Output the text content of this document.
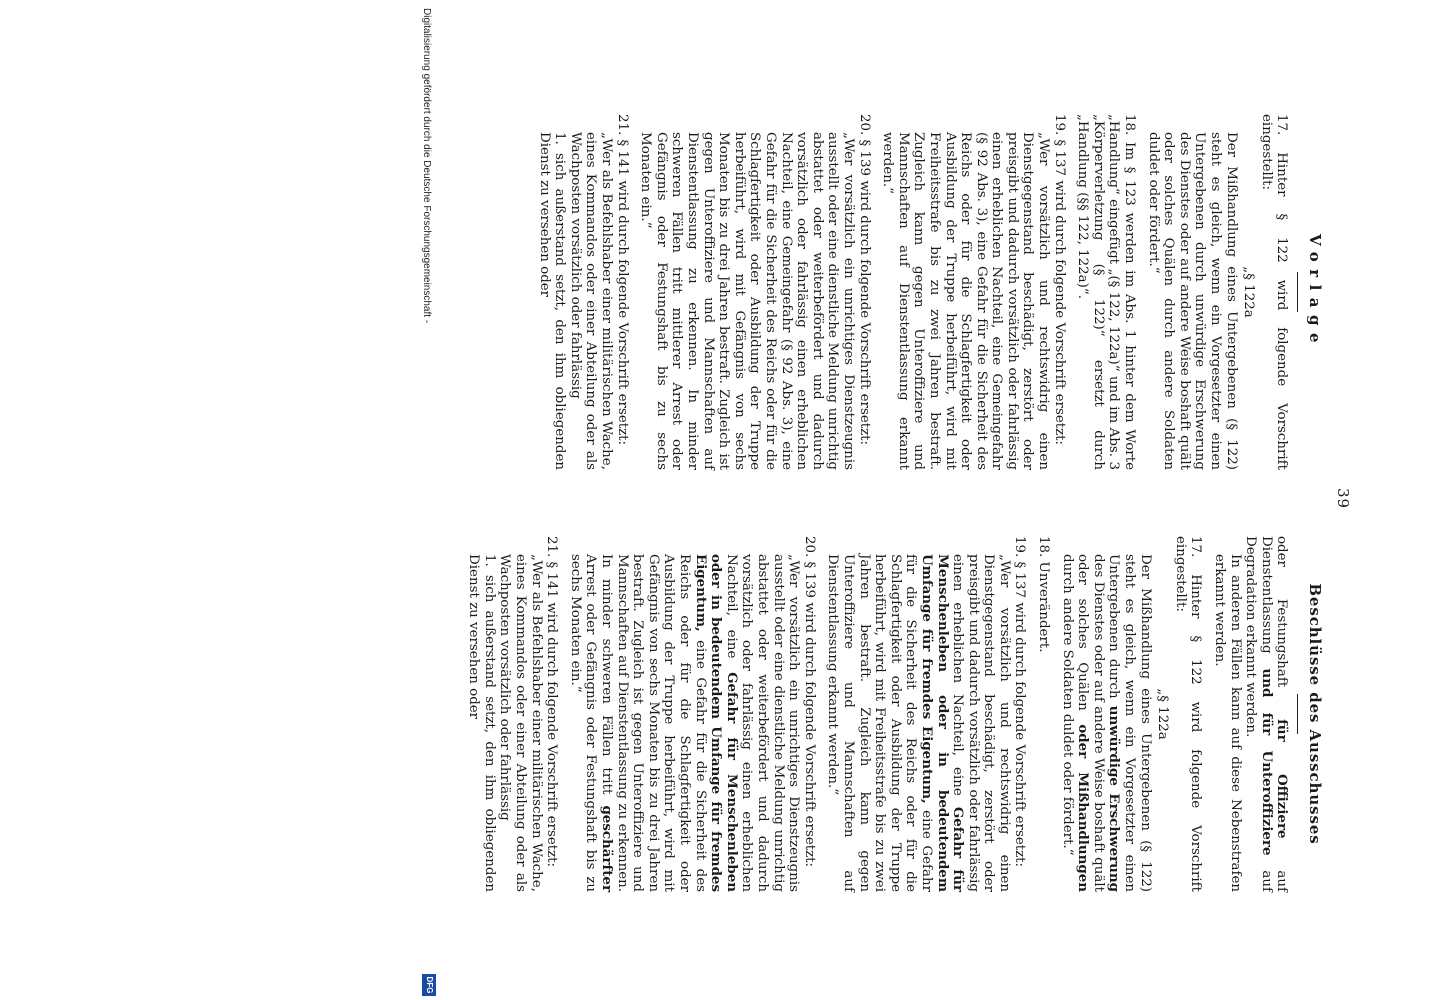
39
Vorlage

17. Hinter § 122 wird folgende Vorschrift eingestellt:

„§ 122a

Der Mißhandlung eines Untergebenen (§ 122) steht es gleich, wenn ein Vorgesetzter einen Untergebenen durch unwürdige Erschwerung des Dienstes oder auf andere Weise boshaft quält oder solches Quälen durch andere Soldaten duldet oder fördert.“

18. Im § 123 werden im Abs. 1 hinter dem Worte „Handlung“ eingefügt „(§ 122, 122a)“ und im Abs. 3 „Körperverletzung (§ 122)“ ersetzt durch „Handlung (§§ 122, 122a)“.

19. § 137 wird durch folgende Vorschrift ersetzt:

„Wer vorsätzlich und rechtswidrig einen Dienstgegenstand beschädigt, zerstört oder preisgibt und dadurch vorsätzlich oder fahrlässig einen erheblichen Nachteil, eine Gemeingefahr (§ 92 Abs. 3), eine Gefahr für die Sicherheit des Reichs oder für die Schlagfertigkeit oder Ausbildung der Truppe herbeiführt, wird mit Freiheitsstrafe bis zu zwei Jahren bestraft. Zugleich kann gegen Unteroffiziere und Mannschaften auf Dienstentlassung erkannt werden.“

20. § 139 wird durch folgende Vorschrift ersetzt:

„Wer vorsätzlich ein unrichtiges Dienstzeugnis ausstellt oder eine dienstliche Meldung unrichtig abstattet oder weiterbefördert und dadurch vorsätzlich oder fahrlässig einen erheblichen Nachteil, eine Gemeingefahr (§ 92 Abs. 3), eine Gefahr für die Sicherheit des Reichs oder für die Schlagfertigkeit oder Ausbildung der Truppe herbeiführt, wird mit Gefängnis von sechs Monaten bis zu drei Jahren bestraft. Zugleich ist gegen Unteroffiziere und Mannschaften auf Dienstentlassung zu erkennen. In minder schweren Fällen tritt mittlerer Arrest oder Gefängnis oder Festungshaft bis zu sechs Monaten ein.“

21. § 141 wird durch folgende Vorschrift ersetzt:

„Wer als Befehlshaber einer militärischen Wache, eines Kommandos oder einer Abteilung oder als Wachposten vorsätzlich oder fahrlässig

1. sich außerstand setzt, den ihm obliegenden Dienst zu versehen oder

Beschlüsse des Ausschusses

oder Festungshaft für Offiziere auf Dienstentlassung und für Unteroffiziere auf Degradation erkannt werden.

In anderen Fällen kann auf diese Nebenstrafen erkannt werden.

17. Hinter § 122 wird folgende Vorschrift eingestellt:

„§ 122a

Der Mißhandlung eines Untergebenen (§ 122) steht es gleich, wenn ein Vorgesetzter einen Untergebenen durch unwürdige Erschwerung des Dienstes oder auf andere Weise boshaft quält oder solches Quälen oder Mißhandlungen durch andere Soldaten duldet oder fördert.“

18. Unverändert.

19. § 137 wird durch folgende Vorschrift ersetzt:

„Wer vorsätzlich und rechtswidrig einen Dienstgegenstand beschädigt, zerstört oder preisgibt und dadurch vorsätzlich oder fahrlässig einen erheblichen Nachteil, eine Gefahr für Menschenleben oder in bedeutendem Umfange für fremdes Eigentum, eine Gefahr für die Sicherheit des Reichs oder für die Schlagfertigkeit oder Ausbildung der Truppe herbeiführt, wird mit Freiheitsstrafe bis zu zwei Jahren bestraft. Zugleich kann gegen Unteroffiziere und Mannschaften auf Dienstentlassung erkannt werden.“

20. § 139 wird durch folgende Vorschrift ersetzt:

„Wer vorsätzlich ein unrichtiges Dienstzeugnis ausstellt oder eine dienstliche Meldung unrichtig abstattet oder weiterbefördert und dadurch vorsätzlich oder fahrlässig einen erheblichen Nachteil, eine Gefahr für Menschenleben oder in bedeutendem Umfange für fremdes Eigentum, eine Gefahr für die Sicherheit des Reichs oder für die Schlagfertigkeit oder Ausbildung der Truppe herbeiführt, wird mit Gefängnis von sechs Monaten bis zu drei Jahren bestraft. Zugleich ist gegen Unteroffiziere und Mannschaften auf Dienstentlassung zu erkennen. In minder schweren Fällen tritt geschärfter Arrest oder Gefängnis oder Festungshaft bis zu sechs Monaten ein.“

21. § 141 wird durch folgende Vorschrift ersetzt:

„Wer als Befehlshaber einer militärischen Wache, eines Kommandos oder einer Abteilung oder als Wachposten vorsätzlich oder fahrlässig

1. sich außerstand setzt, den ihm obliegenden Dienst zu versehen oder

Digitalisierung gefördert durch die Deutsche Forschungsgemeinschaft -
DFG
